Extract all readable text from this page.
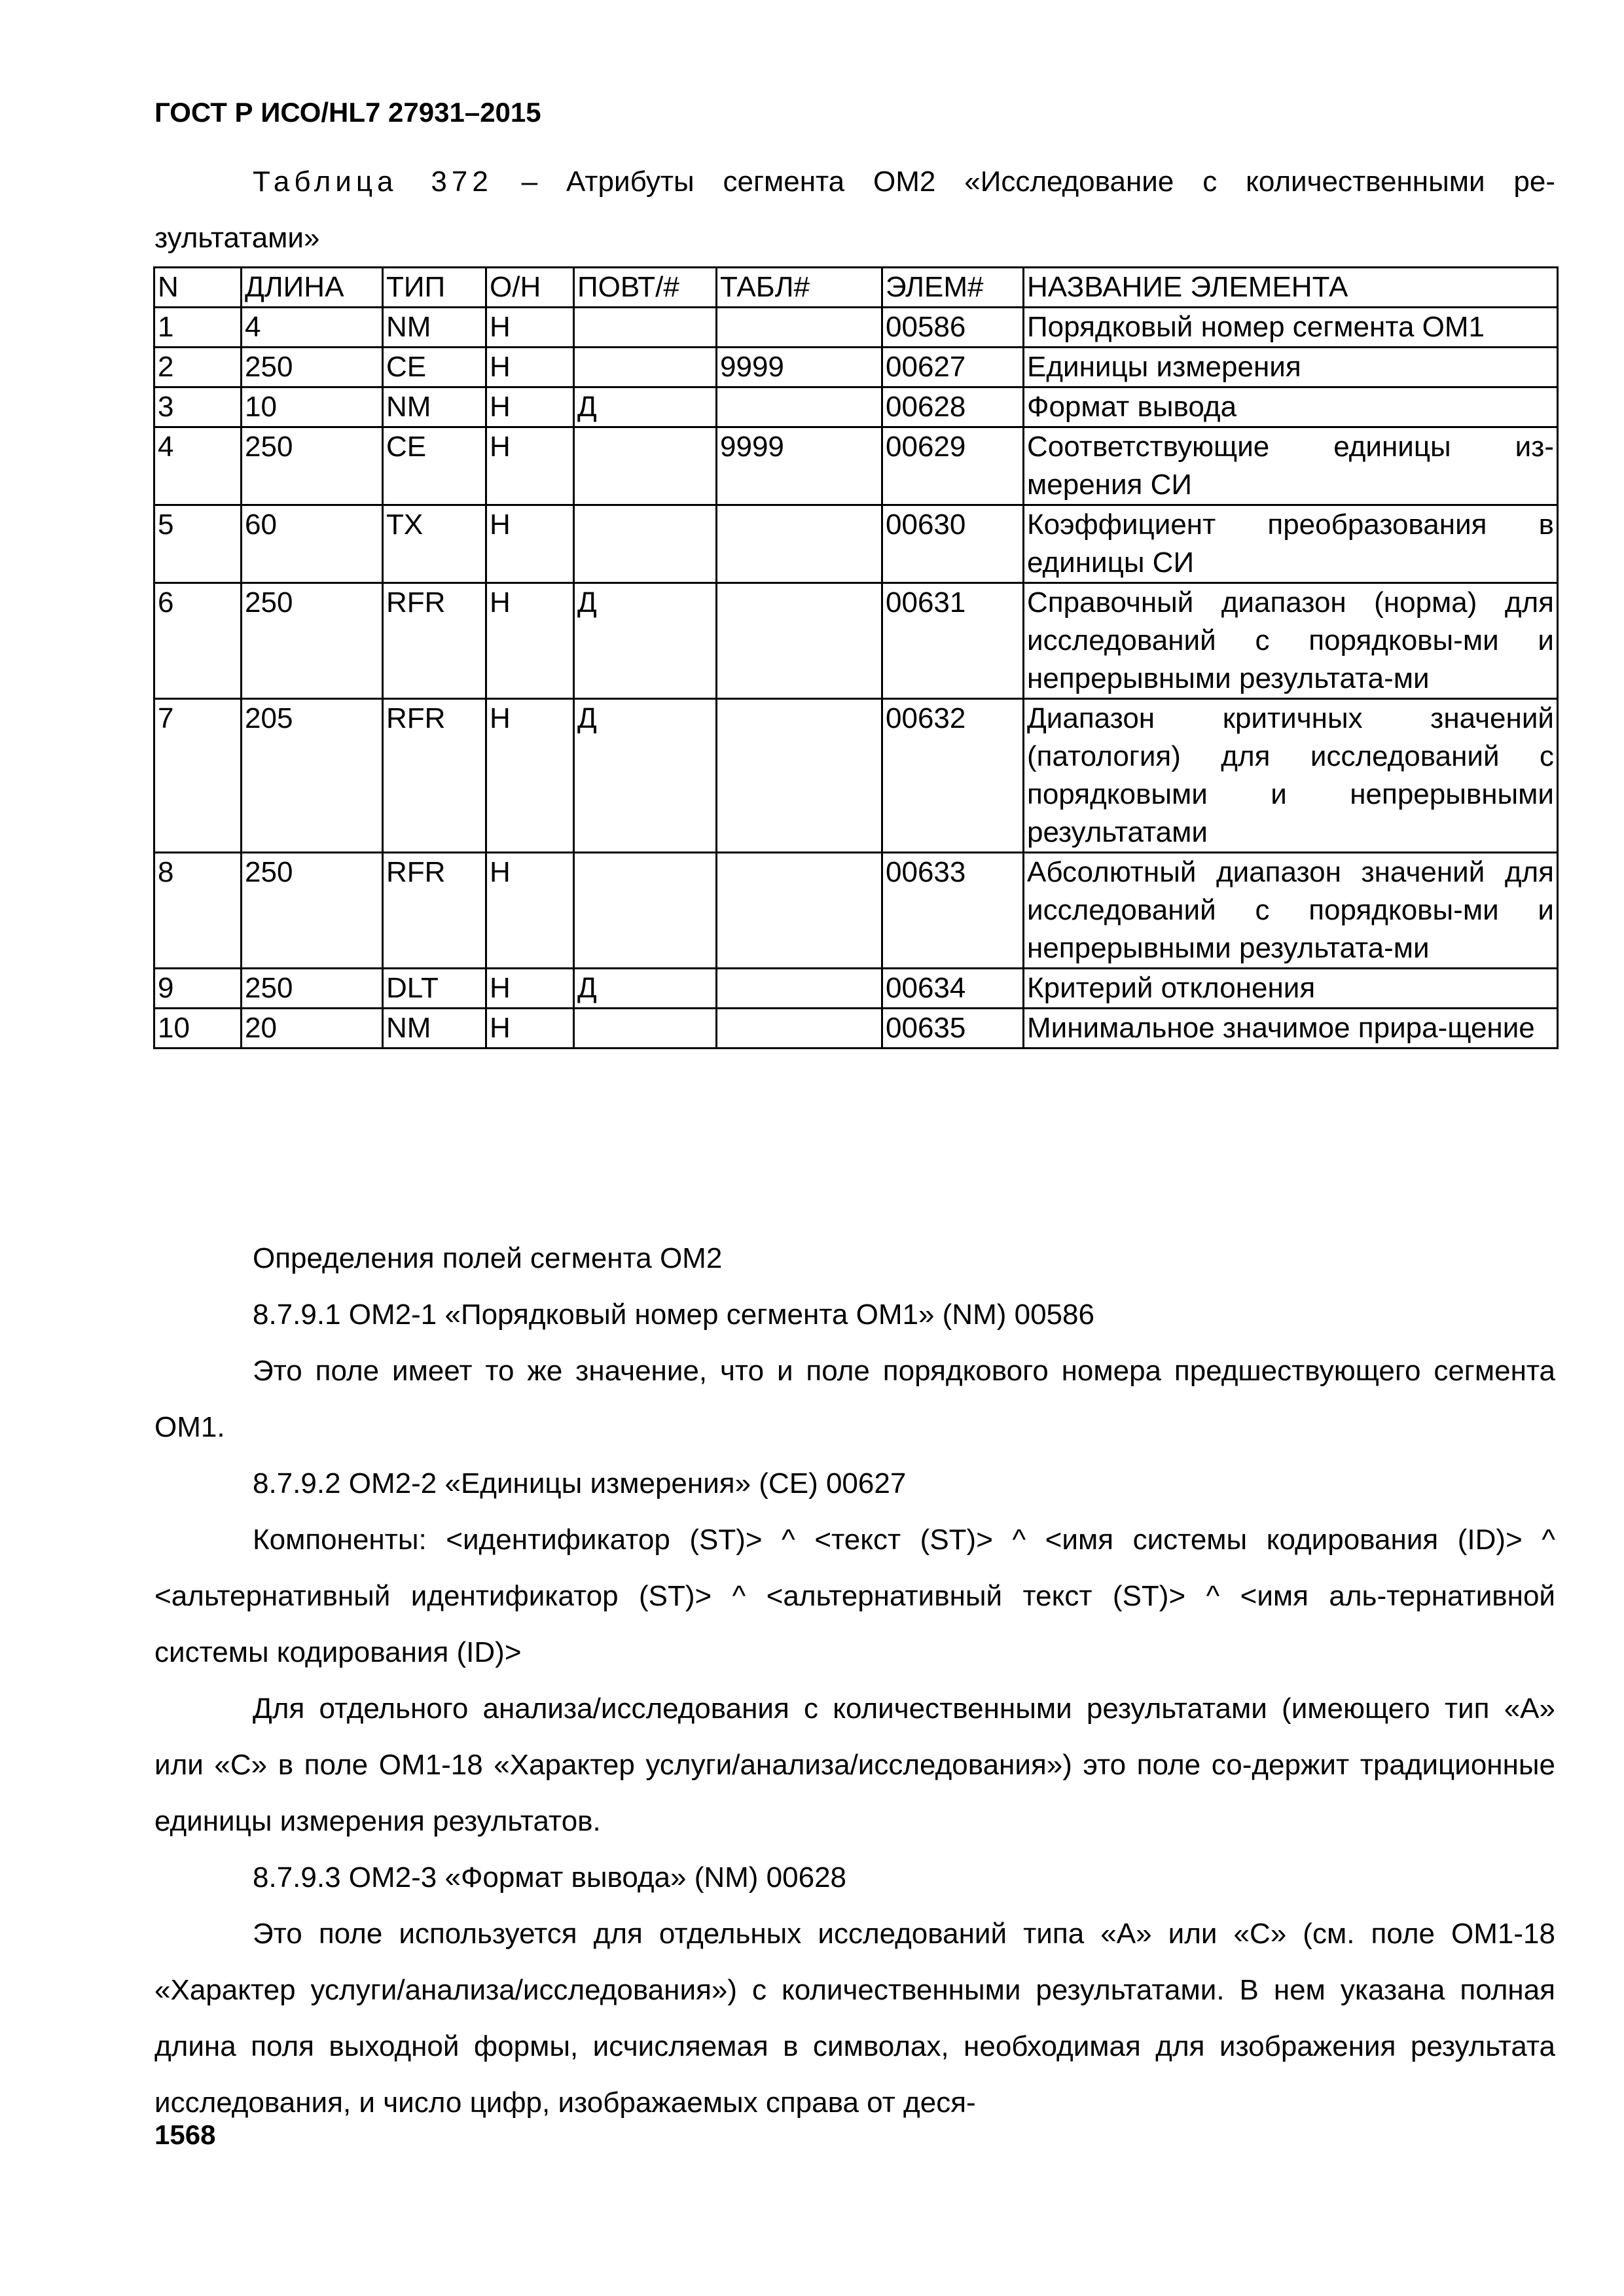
ГОСТ Р ИСО/HL7 27931–2015
Таблица 372 – Атрибуты сегмента ОМ2 «Исследование с количественными ре-
зультатами»
N	ДЛИНА	ТИП	О/Н	ПОВТ/#	ТАБЛ#	ЭЛЕМ#	НАЗВАНИЕ ЭЛЕМЕНТА
1	4	NM	Н			00586	Порядковый номер сегмента ОМ1
2	250	CE	Н		9999	00627	Единицы измерения
3	10	NM	Н	Д		00628	Формат вывода
4	250	CE	Н		9999	00629	Соответствующие единицы из-мерения СИ
5	60	TX	Н			00630	Коэффициент преобразования в единицы СИ
6	250	RFR	Н	Д		00631	Справочный диапазон (норма) для исследований с порядковы-ми и непрерывными результата-ми
7	205	RFR	Н	Д		00632	Диапазон критичных значений (патология) для исследований с порядковыми и непрерывными результатами
8	250	RFR	Н			00633	Абсолютный диапазон значений для исследований с порядковы-ми и непрерывными результата-ми
9	250	DLT	Н	Д		00634	Критерий отклонения
10	20	NM	Н			00635	Минимальное значимое прира-щение

Определения полей сегмента ОМ2

8.7.9.1 ОМ2-1 «Порядковый номер сегмента ОМ1» (NM) 00586

Это поле имеет то же значение, что и поле порядкового номера предшествующего сегмента ОМ1.

8.7.9.2 ОМ2-2 «Единицы измерения» (CE) 00627

Компоненты: <идентификатор (ST)> ^ <текст (ST)> ^ <имя системы кодирования (ID)> ^ <альтернативный идентификатор (ST)> ^ <альтернативный текст (ST)> ^ <имя аль-тернативной системы кодирования (ID)>

Для отдельного анализа/исследования с количественными результатами (имеющего тип «А» или «С» в поле ОМ1-18 «Характер услуги/анализа/исследования») это поле со-держит традиционные единицы измерения результатов.

8.7.9.3 ОМ2-3 «Формат вывода» (NM) 00628

Это поле используется для отдельных исследований типа «А» или «С» (см. поле ОМ1-18 «Характер услуги/анализа/исследования») с количественными результатами. В нем указана полная длина поля выходной формы, исчисляемая в символах, необходимая для изображения результата исследования, и число цифр, изображаемых справа от деся-

1568
